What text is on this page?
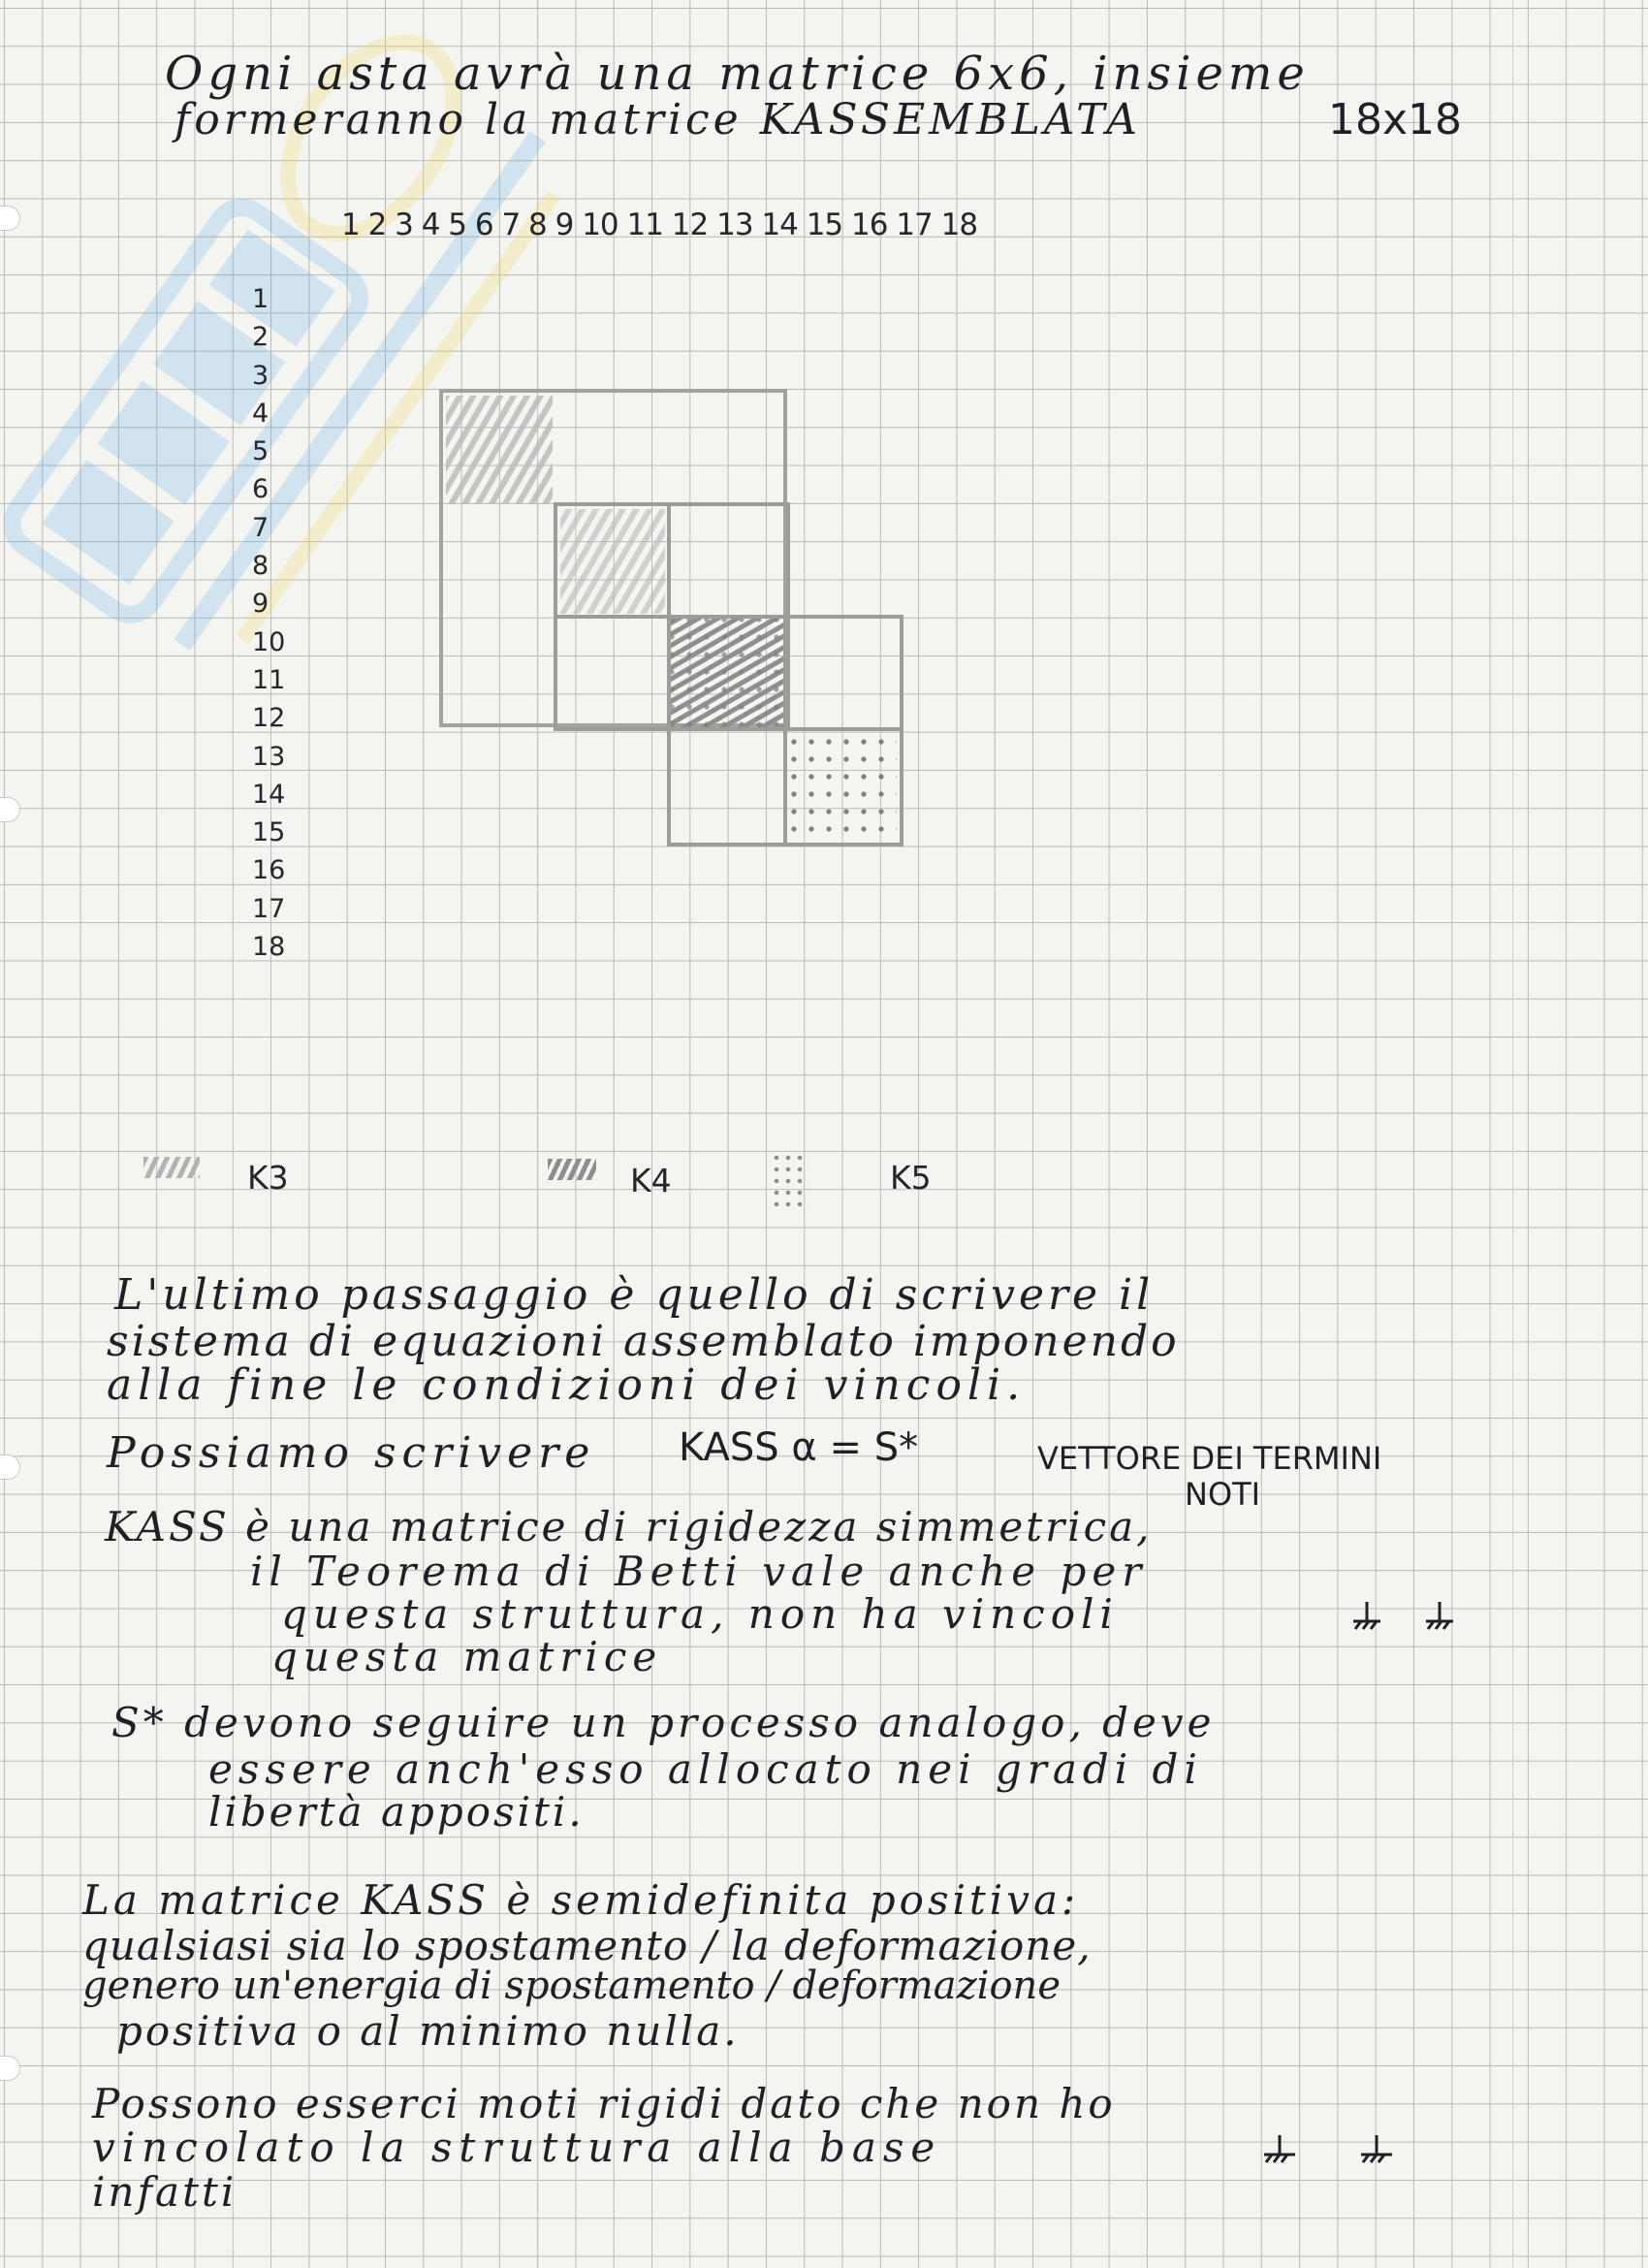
Ogni asta avrà una matrice 6x6, insieme
formeranno la matrice KASSEMBLATA	18x18
1 2 3 4 5 6 7 8 9 10 11 12 13 14 15 16 17 18
1
2
3
4
5
6
7
8
9
10
11
12
13
14
15
16
17
18
K3	K4	K5
L'ultimo passaggio è quello di scrivere il
sistema di equazioni assemblato imponendo
alla fine le condizioni dei vincoli.
Possiamo scrivere KASS α = S*	VETTORE DEI TERMINI
NOTI
KASS è una matrice di rigidezza simmetrica,
il Teorema di Betti vale anche per
questa struttura, non ha vincoli
questa matrice
S* devono seguire un processo analogo, deve
essere anch'esso allocato nei gradi di
libertà appositi.
La matrice KASS è semidefinita positiva:
qualsiasi sia lo spostamento / la deformazione,
genero un'energia di spostamento / deformazione
positiva o al minimo nulla.
Possono esserci moti rigidi dato che non ho
vincolato la struttura alla base
infatti
